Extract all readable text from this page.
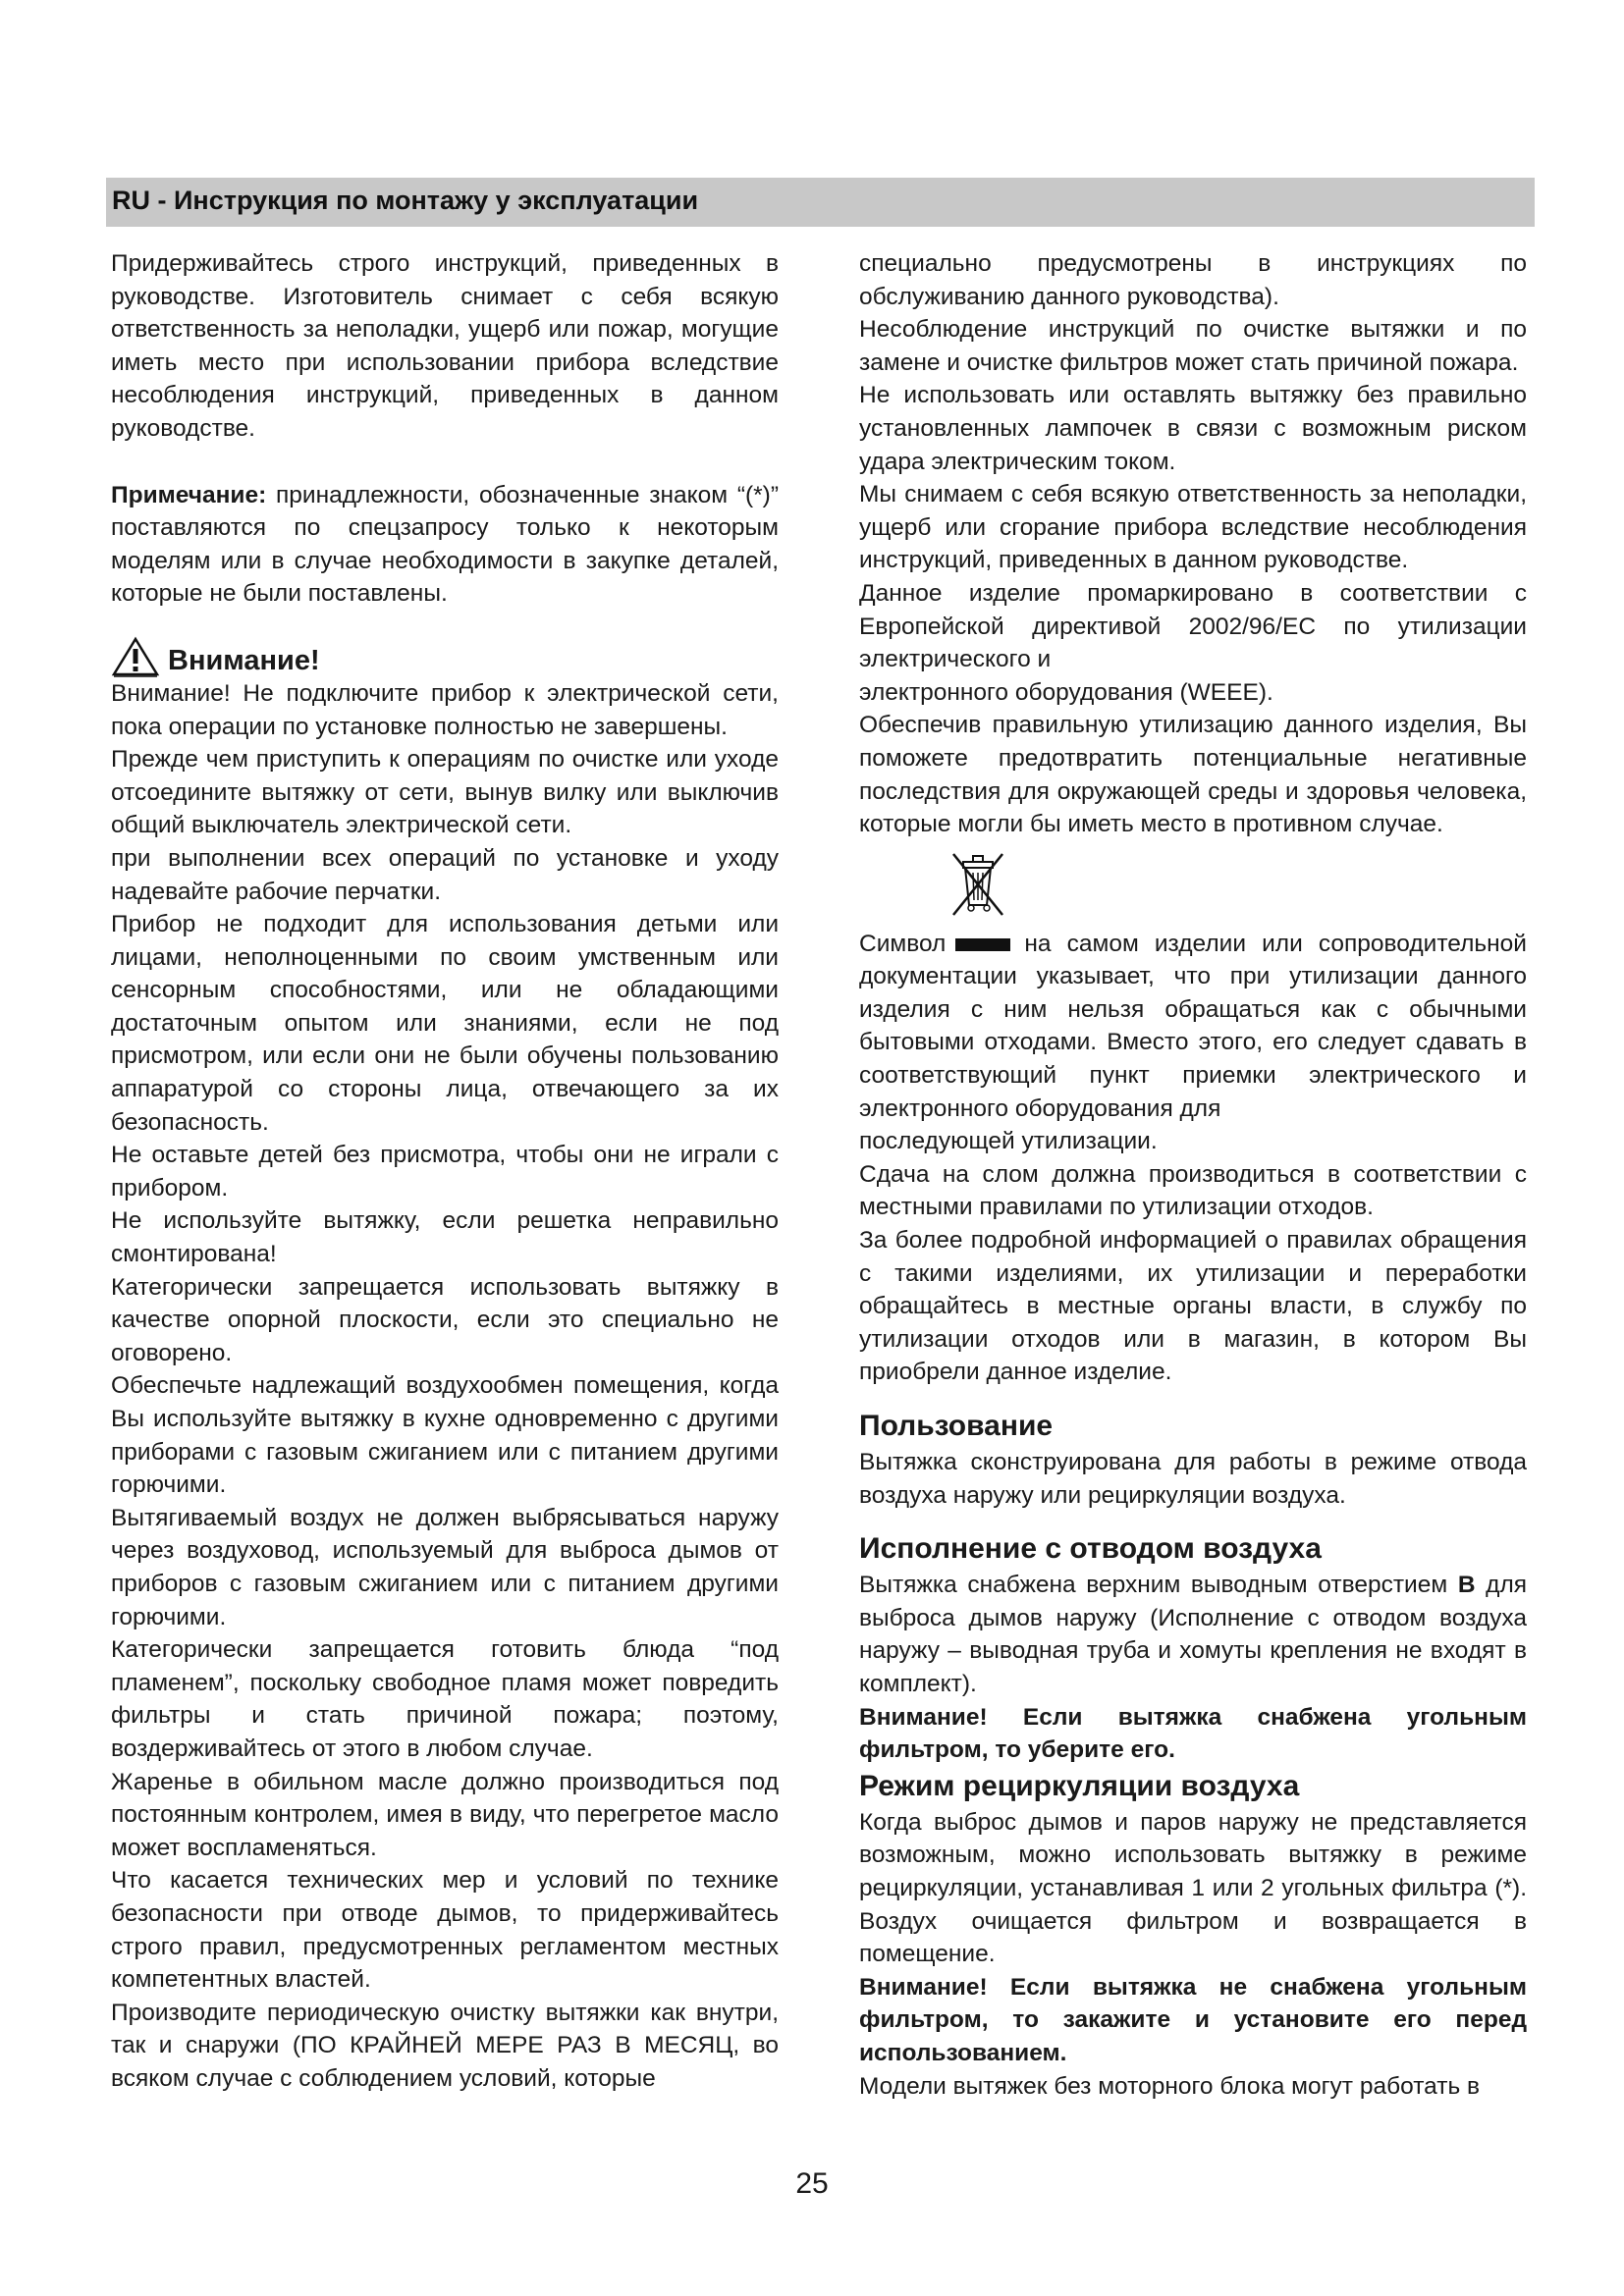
RU - Инструкция по монтажу у эксплуатации

Придерживайтесь строго инструкций, приведенных в руководстве. Изготовитель снимает с себя всякую ответственность за неполадки, ущерб или пожар, могущие иметь место при использовании прибора вследствие несоблюдения инструкций, приведенных в данном руководстве.

Примечание: принадлежности, обозначенные знаком “(*)” поставляются по спецзапросу только к некоторым моделям или в случае необходимости в закупке деталей, которые не были поставлены.

Внимание!

Внимание! Не подключите прибор к электрической сети, пока операции по установке полностью не завершены.

Прежде чем приступить к операциям по очистке или уходе отсоедините вытяжку от сети, вынув вилку или выключив общий выключатель электрической сети.

при выполнении всех операций по установке и уходу надевайте рабочие перчатки.

Прибор не подходит для использования детьми или лицами, неполноценными по своим умственным или сенсорным способностями, или не обладающими достаточным опытом или знаниями, если не под присмотром, или если они не были обучены пользованию аппаратурой со стороны лица, отвечающего за их безопасность.

Не оставьте детей без присмотра, чтобы они не играли с прибором.

Не используйте вытяжку, если решетка неправильно смонтирована!

Категорически запрещается использовать вытяжку в качестве опорной плоскости, если это специально не оговорено.

Обеспечьте надлежащий воздухообмен помещения, когда Вы используйте вытяжку в кухне одновременно с другими приборами с газовым сжиганием или с питанием другими горючими.

Вытягиваемый воздух не должен выбрясываться наружу через воздуховод, используемый для выброса дымов от приборов с газовым сжиганием или с питанием другими горючими.

Категорически запрещается готовить блюда “под пламенем”, поскольку свободное пламя может повредить фильтры и стать причиной пожара; поэтому, воздерживайтесь от этого в любом случае.

Жаренье в обильном масле должно производиться под постоянным контролем, имея в виду, что перегретое масло может воспламеняться.

Что касается технических мер и условий по технике безопасности при отводе дымов, то придерживайтесь строго правил, предусмотренных регламентом местных компетентных властей.

Производите периодическую очистку вытяжки как внутри, так и снаружи (ПО КРАЙНЕЙ МЕРЕ РАЗ В МЕСЯЦ, во всяком случае с соблюдением условий, которые

специально предусмотрены в инструкциях по обслуживанию данного руководства).

Несоблюдение инструкций по очистке вытяжки и по замене и очистке фильтров может стать причиной пожара.

Не использовать или оставлять вытяжку без правильно установленных лампочек в связи с возможным риском удара электрическим током.

Мы снимаем с себя всякую ответственность за неполадки, ущерб или сгорание прибора вследствие несоблюдения инструкций, приведенных в данном руководстве.

Данное изделие промаркировано в соответствии с Европейской директивой 2002/96/EC по утилизации электрического и

электронного оборудования (WEEE).

Обеспечив правильную утилизацию данного изделия, Вы поможете предотвратить потенциальные негативные последствия для окружающей среды и здоровья человека, которые могли бы иметь место в противном случае.

Символ	на самом изделии или сопроводительной документации указывает, что при утилизации данного изделия с ним нельзя обращаться как с обычными бытовыми отходами. Вместо этого, его следует сдавать в соответствующий пункт приемки электрического и электронного оборудования для

последующей утилизации.

Сдача на слом должна производиться в соответствии с местными правилами по утилизации отходов.

За более подробной информацией о правилах обращения с такими изделиями, их утилизации и переработки обращайтесь в местные органы власти, в службу по утилизации отходов или в магазин, в котором Вы приобрели данное изделие.

Пользование

Вытяжка сконструирована для работы в режиме отвода воздуха наружу или рециркуляции воздуха.

Исполнение с отводом воздуха

Вытяжка снабжена верхним выводным отверстием B для выброса дымов наружу (Исполнение с отводом воздуха наружу – выводная труба и хомуты крепления не входят в комплект).

Внимание! Если вытяжка снабжена угольным фильтром, то уберите его.

Режим рециркуляции воздуха

Когда выброс дымов и паров наружу не представляется возможным, можно использовать вытяжку в режиме рециркуляции, устанавливая 1 или 2 угольных фильтра (*). Воздух очищается фильтром и возвращается в помещение.

Внимание! Если вытяжка не снабжена угольным фильтром, то закажите и установите его перед использованием.

Модели вытяжек без моторного блока могут работать в

25
